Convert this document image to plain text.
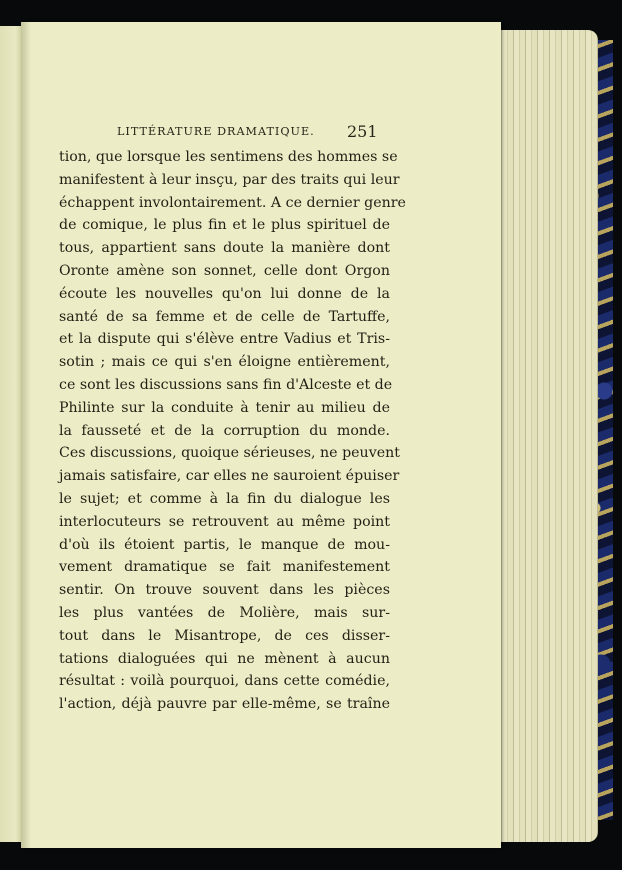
LITTÉRATURE DRAMATIQUE.	251
tion, que lorsque les sentimens des hommes se
manifestent à leur insçu, par des traits qui leur
échappent involontairement. A ce dernier genre
de comique, le plus fin et le plus spirituel de
tous, appartient sans doute la manière dont
Oronte amène son sonnet, celle dont Orgon
écoute les nouvelles qu'on lui donne de la
santé de sa femme et de celle de Tartuffe,
et la dispute qui s'élève entre Vadius et Tris-
sotin ; mais ce qui s'en éloigne entièrement,
ce sont les discussions sans fin d'Alceste et de
Philinte sur la conduite à tenir au milieu de
la fausseté et de la corruption du monde.
Ces discussions, quoique sérieuses, ne peuvent
jamais satisfaire, car elles ne sauroient épuiser
le sujet; et comme à la fin du dialogue les
interlocuteurs se retrouvent au même point
d'où ils étoient partis, le manque de mou-
vement dramatique se fait manifestement
sentir. On trouve souvent dans les pièces
les plus vantées de Molière, mais sur-
tout dans le Misantrope, de ces disser-
tations dialoguées qui ne mènent à aucun
résultat : voilà pourquoi, dans cette comédie,
l'action, déjà pauvre par elle-même, se traîne
